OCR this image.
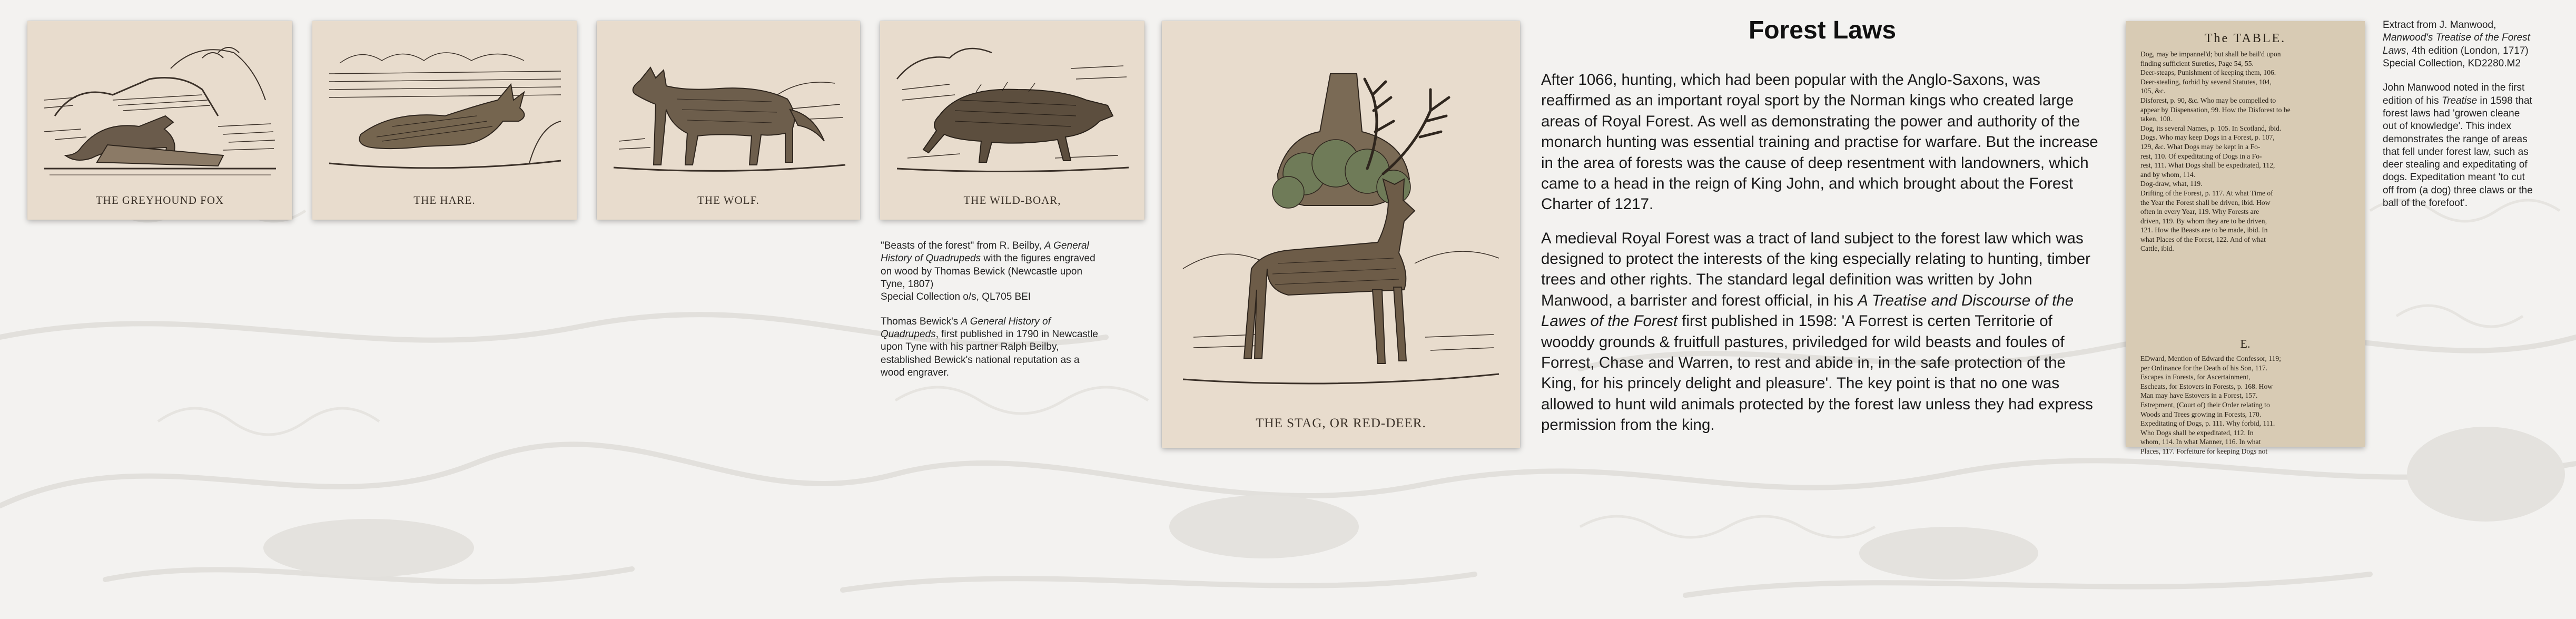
THE GREYHOUND FOX	THE HARE.	THE WOLF.	THE WILD-BOAR,

"Beasts of the forest" from R. Beilby, A General
History of Quadrupeds with the figures engraved
on wood by Thomas Bewick (Newcastle upon
Tyne, 1807)
Special Collection o/s, QL705 BEI

Thomas Bewick's A General History of
Quadrupeds, first published in 1790 in Newcastle
upon Tyne with his partner Ralph Beilby,
established Bewick's national reputation as a
wood engraver.

THE STAG, OR RED-DEER.
Forest Laws

After 1066, hunting, which had been popular with the Anglo-Saxons, was reaffirmed as an important royal sport by the Norman kings who created large areas of Royal Forest. As well as demonstrating the power and authority of the monarch hunting was essential training and practise for warfare. But the increase in the area of forests was the cause of deep resentment with landowners, which came to a head in the reign of King John, and which brought about the Forest Charter of 1217.

A medieval Royal Forest was a tract of land subject to the forest law which was designed to protect the interests of the king especially relating to hunting, timber trees and other rights. The standard legal definition was written by John Manwood, a barrister and forest official, in his A Treatise and Discourse of the Lawes of the Forest first published in 1598: 'A Forrest is certen Territorie of wooddy grounds & fruitfull pastures, priviledged for wild beasts and foules of Forrest, Chase and Warren, to rest and abide in, in the safe protection of the King, for his princely delight and pleasure'. The key point is that no one was allowed to hunt wild animals protected by the forest law unless they had express permission from the king.

The TABLE.
Dog, may be impannel'd; but shall be bail'd upon
finding sufficient Sureties, Page 54, 55.
Deer-steaps, Punishment of keeping them, 106.
Deer-stealing, forbid by several Statutes, 104,
105, &c.
Disforest, p. 90, &c. Who may be compelled to
appear by Dispensation, 99. How the Disforest to be
taken, 100.
Dog, its several Names, p. 105. In Scotland, ibid.
Dogs. Who may keep Dogs in a Forest, p. 107,
129, &c. What Dogs may be kept in a Fo-
rest, 110. Of expeditating of Dogs in a Fo-
rest, 111. What Dogs shall be expeditated, 112,
and by whom, 114.
Dog-draw, what, 119.
Drifting of the Forest, p. 117. At what Time of
the Year the Forest shall be driven, ibid. How
often in every Year, 119. Why Forests are
driven, 119. By whom they are to be driven,
121. How the Beasts are to be made, ibid. In
what Places of the Forest, 122. And of what
Cattle, ibid.
E.
EDward, Mention of Edward the Confessor, 119;
per Ordinance for the Death of his Son, 117.
Escapes in Forests, for Ascertainment,
Escheats, for Estovers in Forests, p. 168. How
Man may have Estovers in a Forest, 157.
Estrepment, (Court of) their Order relating to
Woods and Trees growing in Forests, 170.
Expeditating of Dogs, p. 111. Why forbid, 111.
Who Dogs shall be expeditated, 112. In
whom, 114. In what Manner, 116. In what
Places, 117. Forfeiture for keeping Dogs not

Extract from J. Manwood,
Manwood's Treatise of the Forest
Laws, 4th edition (London, 1717)
Special Collection, KD2280.M2

John Manwood noted in the first
edition of his Treatise in 1598 that
forest laws had 'growen cleane
out of knowledge'. This index
demonstrates the range of areas
that fell under forest law, such as
deer stealing and expeditating of
dogs. Expeditation meant 'to cut
off from (a dog) three claws or the
ball of the forefoot'.
